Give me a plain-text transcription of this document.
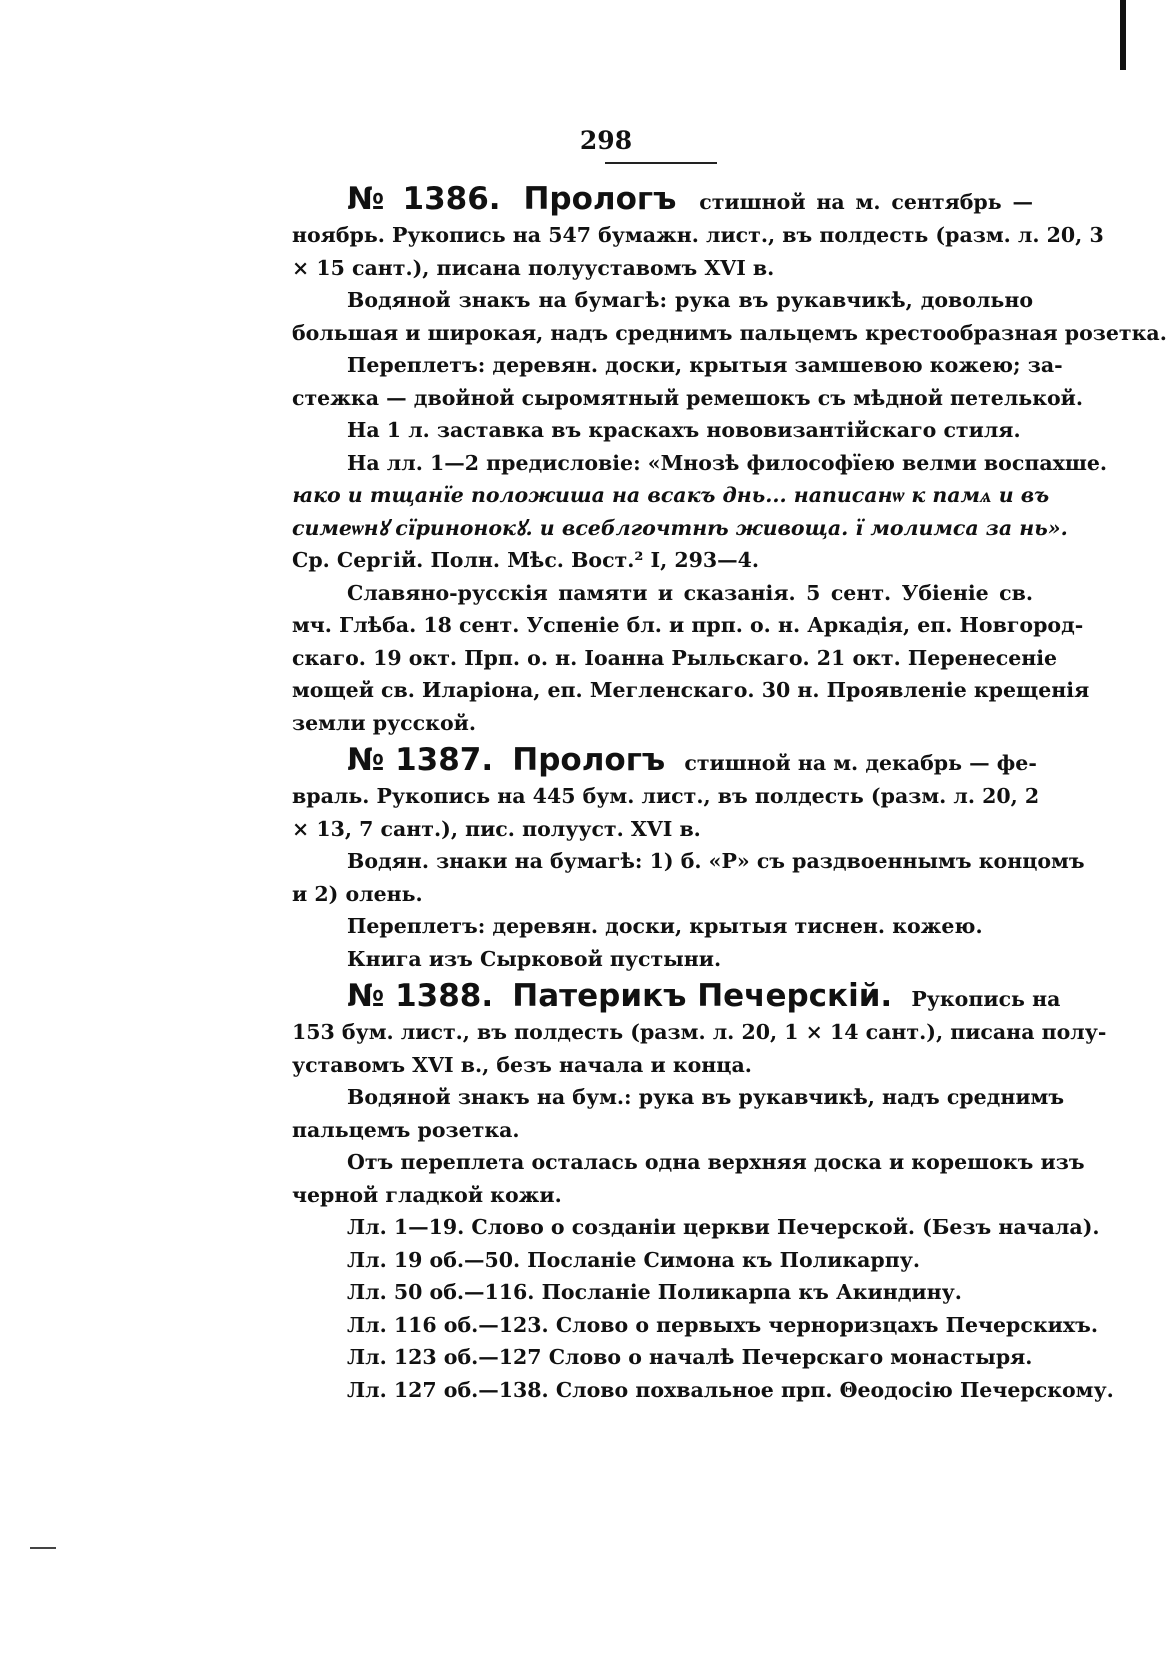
298
№ 1386. Прологъ стишной на м. сентябрь —
ноябрь. Рукопись на 547 бумажн. лист., въ полдесть (разм. л. 20, 3
× 15 сант.), писана полууставомъ XVI в.
Водяной знакъ на бумагѣ: рука въ рукавчикѣ, довольно
большая и широкая, надъ среднимъ пальцемъ крестообразная розетка.
Переплетъ: деревян. доски, крытыя замшевою кожею; за-
стежка — двойной сыромятный ремешокъ съ мѣдной петелькой.
На 1 л. заставка въ краскахъ нововизантійскаго стиля.
На лл. 1—2 предисловіе: «Мнозѣ философїею велми воспахше.
ꙗко и тщанїе положиша на всакъ днь... написанѡ к памѧ и въ
симеѡнꙋ сїринонокꙋ. и всеблгочтнѣ живоща. ї молимса за нь».
Ср. Сергій. Полн. Мѣс. Вост.² I, 293—4.
Славяно-русскія памяти и сказанія. 5 сент. Убіеніе св.
мч. Глѣба. 18 сент. Успеніе бл. и прп. о. н. Аркадія, еп. Новгород-
скаго. 19 окт. Прп. о. н. Іоанна Рыльскаго. 21 окт. Перенесеніе
мощей св. Иларіона, еп. Мегленскаго. 30 н. Проявленіе крещенія
земли русской.
№ 1387. Прологъ стишной на м. декабрь — фе-
враль. Рукопись на 445 бум. лист., въ полдесть (разм. л. 20, 2
× 13, 7 сант.), пис. полууст. XVI в.
Водян. знаки на бумагѣ: 1) б. «Р» съ раздвоеннымъ концомъ
и 2) олень.
Переплетъ: деревян. доски, крытыя тиснен. кожею.
Книга изъ Сырковой пустыни.
№ 1388. Патерикъ Печерскій. Рукопись на
153 бум. лист., въ полдесть (разм. л. 20, 1 × 14 сант.), писана полу-
уставомъ XVI в., безъ начала и конца.
Водяной знакъ на бум.: рука въ рукавчикѣ, надъ среднимъ
пальцемъ розетка.
Отъ переплета осталась одна верхняя доска и корешокъ изъ
черной гладкой кожи.
Лл. 1—19. Слово о созданіи церкви Печерской. (Безъ начала).
Лл. 19 об.—50. Посланіе Симона къ Поликарпу.
Лл. 50 об.—116. Посланіе Поликарпа къ Акиндину.
Лл. 116 об.—123. Слово о первыхъ черноризцахъ Печерскихъ.
Лл. 123 об.—127 Слово о началѣ Печерскаго монастыря.
Лл. 127 об.—138. Слово похвальное прп. Θеодосію Печерскому.
